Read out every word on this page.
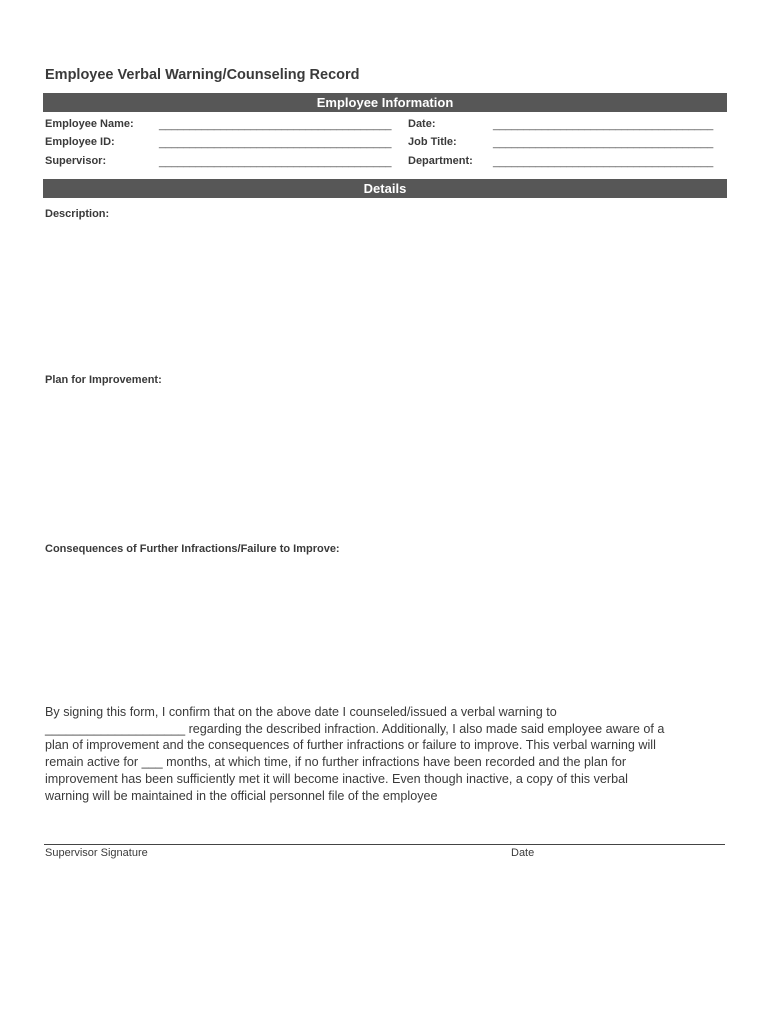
Employee Verbal Warning/Counseling Record
Employee Information
Employee Name: ______________________________________ Date:	____________________________________
Employee ID:	______________________________________ Job Title:	____________________________________
Supervisor:	______________________________________ Department: ____________________________________
Details
Description:
Plan for Improvement:
Consequences of Further Infractions/Failure to Improve:
By signing this form, I confirm that on the above date I counseled/issued a verbal warning to
____________________ regarding the described infraction. Additionally, I also made said employee aware of a
plan of improvement and the consequences of further infractions or failure to improve. This verbal warning will
remain active for ___ months, at which time, if no further infractions have been recorded and the plan for
improvement has been sufficiently met it will become inactive. Even though inactive, a copy of this verbal
warning will be maintained in the official personnel file of the employee
Supervisor Signature	Date
